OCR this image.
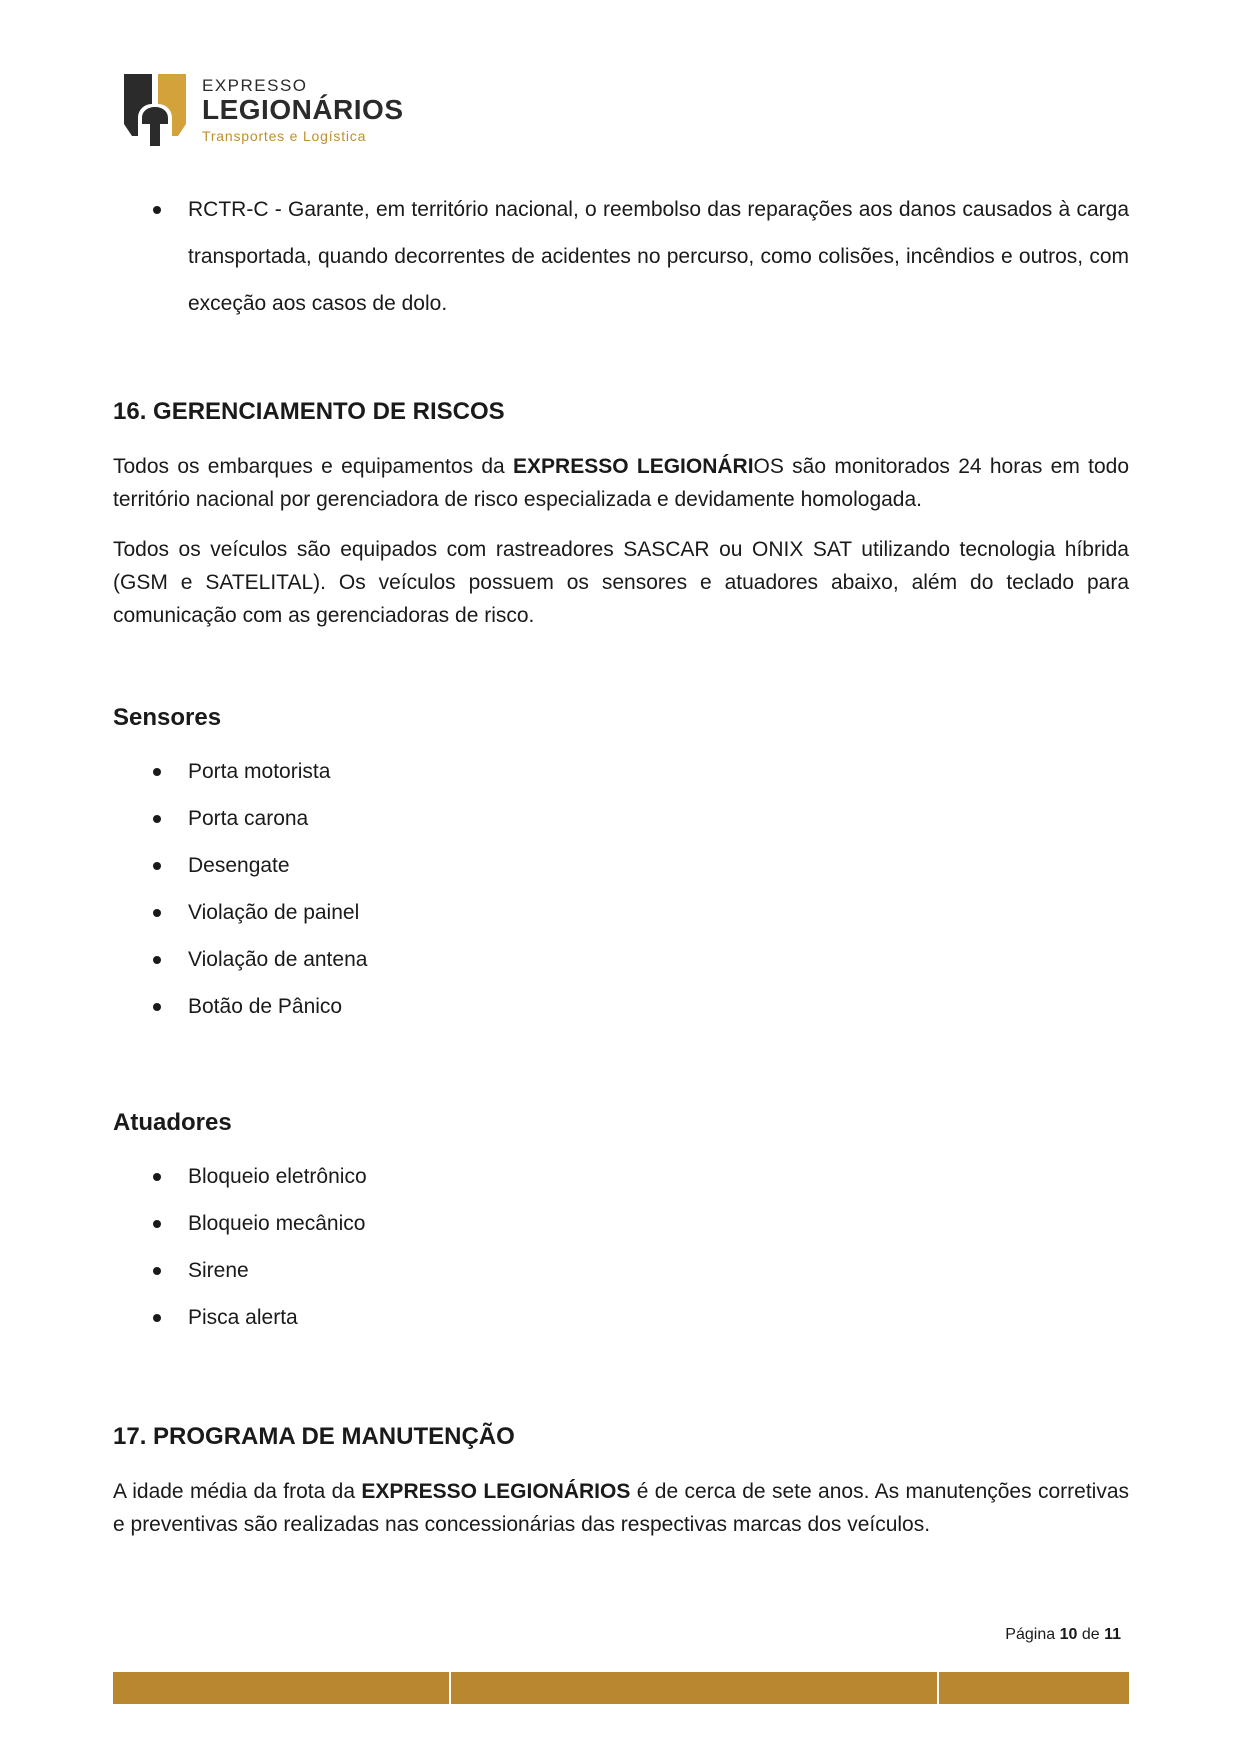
EXPRESSO
LEGIONÁRIOS
Transportes e Logística
RCTR-C - Garante, em território nacional, o reembolso das reparações aos danos causados à carga transportada, quando decorrentes de acidentes no percurso, como colisões, incêndios e outros, com exceção aos casos de dolo.
16. GERENCIAMENTO DE RISCOS

Todos os embarques e equipamentos da EXPRESSO LEGIONÁRIOS são monitorados 24 horas em todo território nacional por gerenciadora de risco especializada e devidamente homologada.

Todos os veículos são equipados com rastreadores SASCAR ou ONIX SAT utilizando tecnologia híbrida (GSM e SATELITAL). Os veículos possuem os sensores e atuadores abaixo, além do teclado para comunicação com as gerenciadoras de risco.

Sensores
Porta motorista
Porta carona
Desengate
Violação de painel
Violação de antena
Botão de Pânico
Atuadores
Bloqueio eletrônico
Bloqueio mecânico
Sirene
Pisca alerta
17. PROGRAMA DE MANUTENÇÃO

A idade média da frota da EXPRESSO LEGIONÁRIOS é de cerca de sete anos. As manutenções corretivas e preventivas são realizadas nas concessionárias das respectivas marcas dos veículos.

Página 10 de 11
